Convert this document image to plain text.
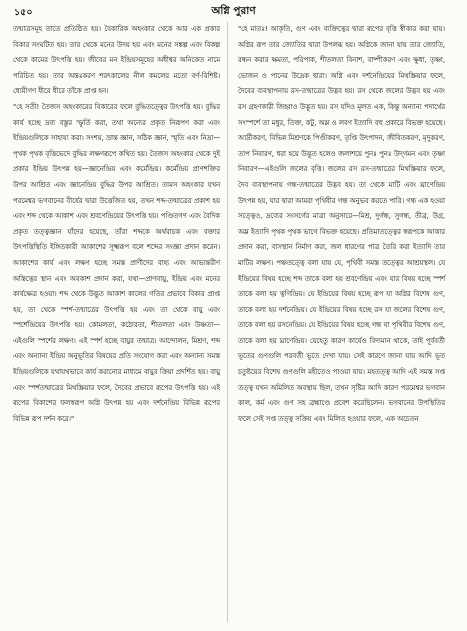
১৫০	অগ্নি পুরাণ

তন্মাত্রসমূহ তাতে প্রতিষ্ঠিত হয়। বৈকারিক অহংকার থেকে আর এক প্রকার বিকার সংঘটিত হয়। তার থেকে মনের উদয় হয় এবং মনের সঙ্কল্প এবং বিকল্প থেকে কামের উৎপত্তি হয়। জীবের মন ইন্দ্রিয়সমূহের অধীশ্বর অনিকেত নামে পরিচিত হয়। তার অন্তঃকরণ শরৎকালের নীল কমলের মতো বর্ণ-বিশিষ্ট। ধ্যেয়ীগণ ধীরে ধীরে তাঁকে প্রাপ্ত হন।

"হে সতী! তৈজস অহংকারের বিকারের ফলে বুদ্ধিতত্ত্বের উৎপত্তি হয়। বুদ্ধির কার্য হচ্ছে দ্রব্য বস্তুর স্ফূর্তি করা, তথা অন্যের প্রকৃত নিরূপণ করা এবং ইন্দ্রিয়গুলিকে সাহায্য করা। সংশয়, ভ্রান্ত জ্ঞান, সঠিক জ্ঞান, স্মৃতি এবং নিদ্রা—পৃথক পৃথক বৃত্তিভেদে বুদ্ধির লক্ষণরূপে কথিত হয়। তৈজস অহংকার থেকে দুই প্রকার ইন্দ্রিয় উৎপন্ন হয়—জ্ঞানেন্দ্রিয় এবং কর্মেন্দ্রিয়। কর্মেন্দ্রিয় প্রাণশক্তির উপর আশ্রিত এবং জ্ঞানেন্দ্রিয় বুদ্ধির উপর আশ্রিত। তামস অহংকার যখন পরমেশ্বর ভগবানের বীর্যের দ্বারা উত্তেজিত হয়, তখন শব্দ-তন্মাত্রের প্রকাশ হয় এবং শব্দ থেকে আকাশ এবং শ্রবণেন্দ্রিয়ের উৎপত্তি হয়। পণ্ডিতগণ এবং বৈদিক প্রকৃত তত্ত্বজ্ঞান যাঁদের হয়েছে, তাঁরা শব্দকে অর্থবাচক এবং বক্তার উৎপত্তিস্থিতি ইঙ্গিতকারী আকাশের সূক্ষ্মরূপ বলে শব্দের সংজ্ঞা প্রদান করেন। আকাশের কার্য এবং লক্ষণ হচ্ছে সমস্ত প্রাণীদের বাহ্য এবং আভ্যন্তরীণ অস্তিত্বের স্থান এবং অবকাশ প্রদান করা, যথা—প্রাণবায়ু, ইন্দ্রিয় এবং মনের কার্যক্ষেত্র হওয়া। শব্দ থেকে উদ্ভূত আকাশ কালের গতির প্রভাবে বিকার প্রাপ্ত হয়, তা থেকে স্পর্শ-তন্মাত্রের উৎপত্তি হয় এবং তা থেকে বায়ু এবং স্পর্শেন্দ্রিয়ের উৎপত্তি হয়। কোমলতা, কঠোরতা, শীতলতা এবং উষ্ণতা—এইগুলি স্পর্শের লক্ষণ। এই স্পর্শ হচ্ছে বায়ুর তন্মাত্র। আন্দোলন, মিশ্রণ, শব্দ এবং অন্যান্য ইন্দ্রিয় অনুভূতির বিষয়ের প্রতি সংযোগ করা এবং অন্যান্য সমস্ত ইন্দ্রিয়গুলিকে যথাযথভাবে কার্য করানোর মাধ্যমে বায়ুর ক্রিয়া প্রদর্শিত হয়। বায়ু এবং স্পর্শতন্মাত্রের মিথস্ক্রিয়ার ফলে, দৈবের প্রভাবে রূপের উৎপত্তি হয়। এই রূপের বিকাশের ফলস্বরূপ অগ্নি উৎপন্ন হয় এবং দর্শনেন্দ্রিয় বিভিন্ন রূপের বিভিন্ন রূপ দর্শন করে।"

"হে মাতঃ! আকৃতি, গুণ এবং ব্যক্তিত্বের দ্বারা রূপের বৃত্তি স্বীকার করা যায়। অগ্নির রূপ তার জ্যোতির দ্বারা উপলব্ধ হয়। অগ্নিকে জানা যায় তার জ্যোতি, রন্ধন করার ক্ষমতা, পরিপাক, শীতলতা বিনাশ, বাষ্পীকরণ এবং ক্ষুধা, তৃষ্ণা, ভোজন ও পানের উদ্রেক দ্বারা। অগ্নি এবং দর্শনেন্দ্রিয়ের মিথস্ক্রিয়ার ফলে, দৈবের ব্যবস্থাপনায় রস-তন্মাত্রের উদ্ভব হয়। রস থেকে জলের উদ্ভব হয় এবং রস গ্রহণকারী জিহ্বাও উদ্ভূত হয়। রস যদিও মূলত এক, কিন্তু অন্যান্য পদার্থের সংস্পর্শে তা মধুর, তিক্ত, কটু, অম্ল ও লবণ ইত্যাদি বহু প্রকারে বিভক্ত হয়েছে। আর্দ্রীকরণ, বিভিন্ন মিশ্রণকে পিণ্ডীকরণ, তৃপ্তি উৎপাদন, জীবিতকরণ, মৃদুকরণ, তাপ নিবারণ, ধরা হয়ে উদ্ভূত হলেও জলাশয়ে পুনঃ পুনঃ উদ্‌গমন এবং তৃষ্ণা নিবারণ—এইগুলি জলের বৃত্তি। জলের রস রস-তন্মাত্রের মিথস্ক্রিয়ার ফলে, দৈব ব্যবস্থাপনায় গন্ধ-তন্মাত্রের উদ্ভব হয়। তা থেকে মাটি এবং ঘ্রাণেন্দ্রিয় উৎপন্ন হয়, যার দ্বারা আমরা পৃথিবীর গন্ধ অনুভব করতে পারি। গন্ধ এক হওয়া সত্ত্বেও, দ্রব্যের সংসর্গের মাত্রা অনুসারে—মিশ্র, দুর্গন্ধ, সুগন্ধ, তীব্র, উগ্র, অম্ল ইত্যাদি পৃথক পৃথক ভাগে বিভক্ত হয়েছে। প্রতিমাতত্ত্বের স্বরূপকে আকার প্রদান করা, বাসস্থান নির্মাণ করা, জল ধারণের পাত্র তৈরি করা ইত্যাদি তার মাটির লক্ষণ। পঞ্চতত্ত্বে বলা যায় যে, পৃথিবী সমস্ত তত্ত্বের আশ্রয়স্থল। যে ইন্দ্রিয়ের বিষয় হচ্ছে শব্দ তাকে বলা হয় শ্রবণেন্দ্রিয় এবং যার বিষয় হচ্ছে স্পর্শ তাকে বলা হয় ত্বগিন্দ্রিয়। যে ইন্দ্রিয়ের বিষয় হচ্ছে রূপ যা অগ্নির বিশেষ গুণ, তাকে বলা হয় দর্শনেন্দ্রিয়। যে ইন্দ্রিয়ের বিষয় হচ্ছে রস যা জলের বিশেষ গুণ, তাকে বলা হয় রসনেন্দ্রিয়। যে ইন্দ্রিয়ের বিষয় হচ্ছে গন্ধ যা পৃথিবীর বিশেষ গুণ, তাকে বলা হয় ঘ্রাণেন্দ্রিয়। যেহেতু কারণ কার্যেও বিদ্যমান থাকে, তাই পূর্ববর্তী ভূতের গুণগুলি পরবর্তী ভূতে দেখা যায়। সেই কারণে জানা যায় আদি ভূত চতুষ্টয়ের বিশেষ গুণগুলি মহীতেও পাওয়া যায়। মহতত্ত্ব আদি এই সমস্ত সপ্ত তত্ত্ব যখন অমিলিত অবস্থায় ছিল, তখন সৃষ্টির আদি কারণ পরমেশ্বর ভগবান কাল, কর্ম এবং গুণ সহ ব্রহ্মাণ্ডে প্রবেশ করেছিলেন। ভগবানের উপস্থিতির ফলে সেই সপ্ত তত্ত্ব সক্রিয় এবং মিলিত হওয়ার ফলে, এক অচেতন
